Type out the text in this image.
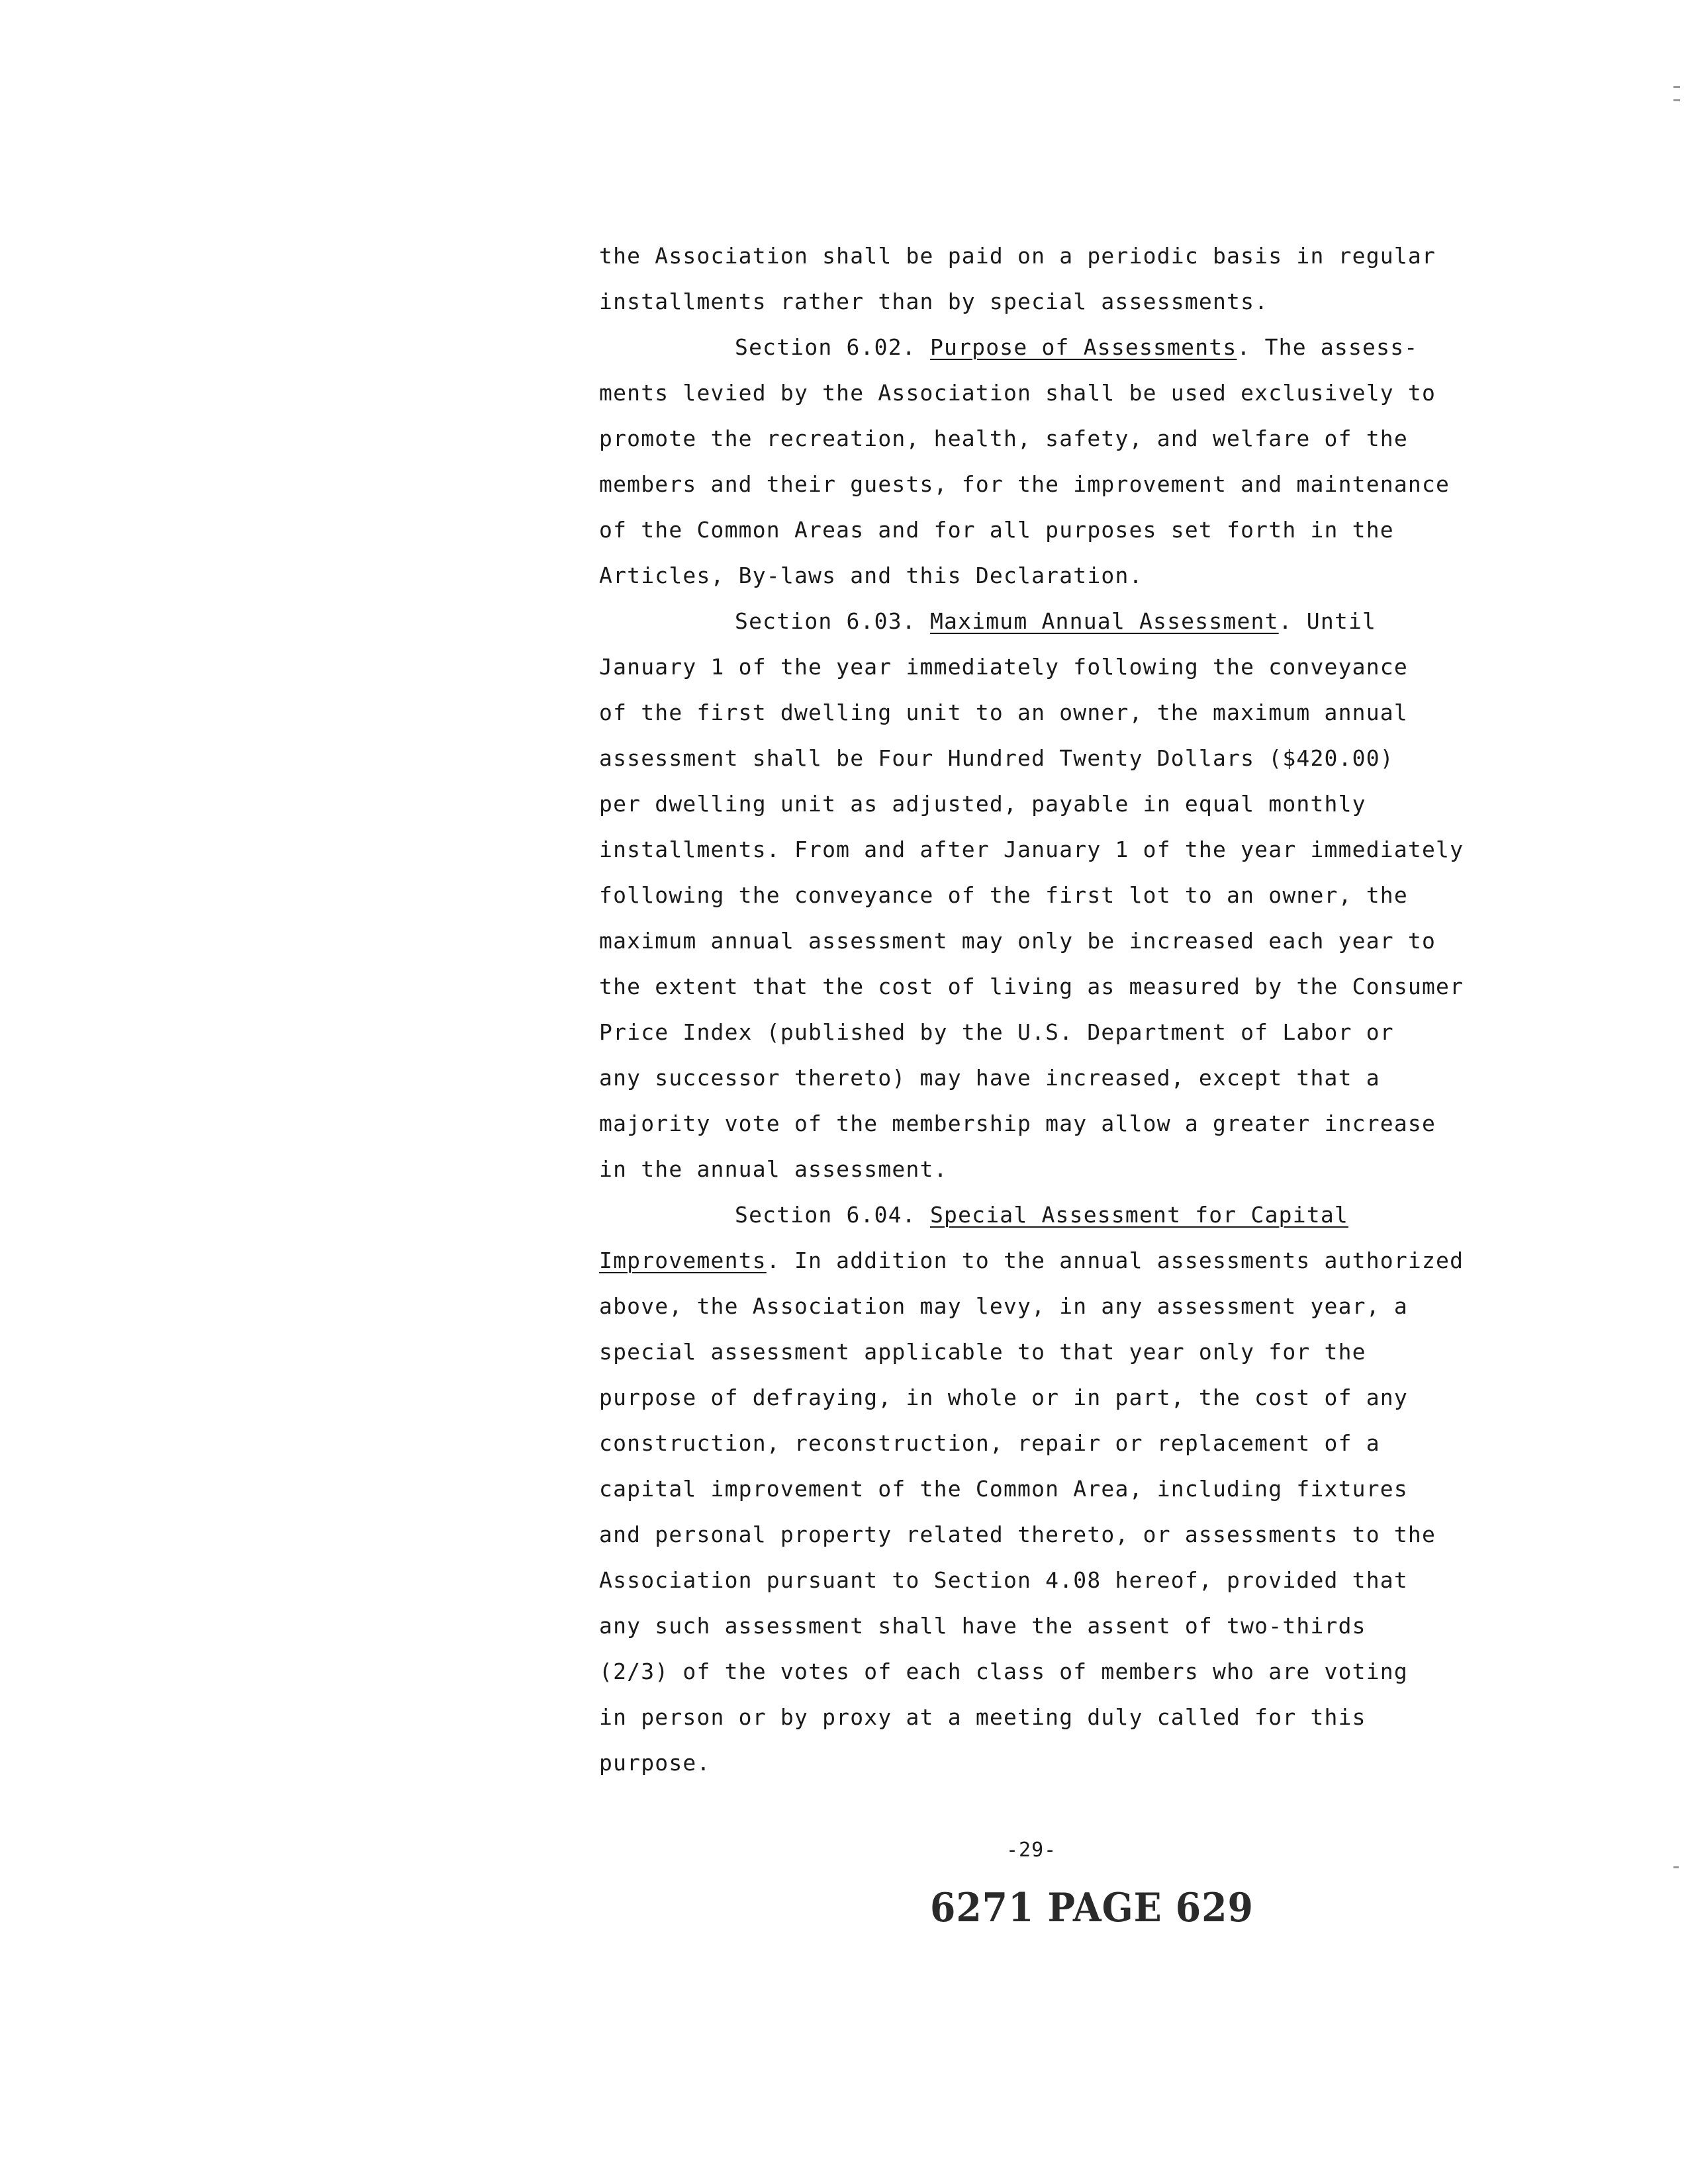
the Association shall be paid on a periodic basis in regular
installments rather than by special assessments.
Section 6.02. Purpose of Assessments. The assess-
ments levied by the Association shall be used exclusively to
promote the recreation, health, safety, and welfare of the
members and their guests, for the improvement and maintenance
of the Common Areas and for all purposes set forth in the
Articles, By-laws and this Declaration.
Section 6.03. Maximum Annual Assessment. Until
January 1 of the year immediately following the conveyance
of the first dwelling unit to an owner, the maximum annual
assessment shall be Four Hundred Twenty Dollars ($420.00)
per dwelling unit as adjusted, payable in equal monthly
installments. From and after January 1 of the year immediately
following the conveyance of the first lot to an owner, the
maximum annual assessment may only be increased each year to
the extent that the cost of living as measured by the Consumer
Price Index (published by the U.S. Department of Labor or
any successor thereto) may have increased, except that a
majority vote of the membership may allow a greater increase
in the annual assessment.
Section 6.04. Special Assessment for Capital
Improvements. In addition to the annual assessments authorized
above, the Association may levy, in any assessment year, a
special assessment applicable to that year only for the
purpose of defraying, in whole or in part, the cost of any
construction, reconstruction, repair or replacement of a
capital improvement of the Common Area, including fixtures
and personal property related thereto, or assessments to the
Association pursuant to Section 4.08 hereof, provided that
any such assessment shall have the assent of two-thirds
(2/3) of the votes of each class of members who are voting
in person or by proxy at a meeting duly called for this
purpose.
-29-
6271 PAGE 629
